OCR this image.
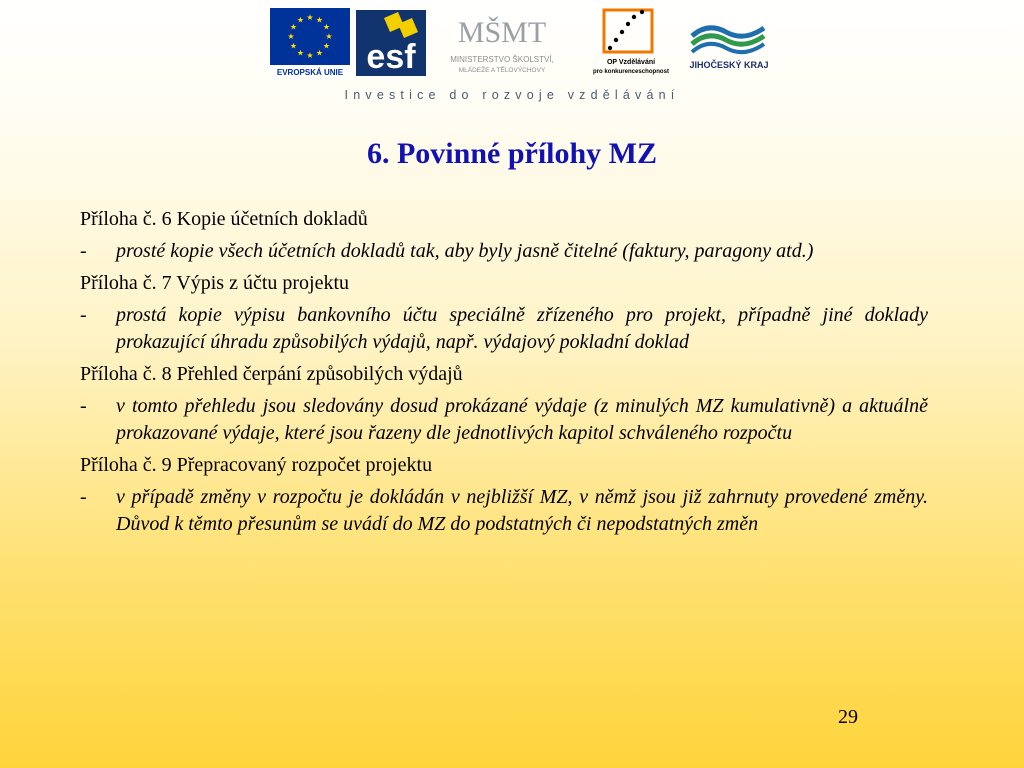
★ ★
★
★
★
★
★
★
★
★
★
★
EVROPSKÁ UNIE esf
MŠMT
MINISTERSTVO ŠKOLSTVÍ,
MLÁDEŽE A TĚLOVÝCHOVY
OP Vzdělávání
pro konkurenceschopnost
JIHOČESKÝ KRAJ
Investice do rozvoje vzdělávání
6. Povinné přílohy MZ
Příloha č. 6 Kopie účetních dokladů
-	prosté kopie všech účetních dokladů tak, aby byly jasně čitelné (faktury, paragony atd.)
Příloha č. 7 Výpis z účtu projektu
-	prostá kopie výpisu bankovního účtu speciálně zřízeného pro projekt, případně jiné doklady prokazující úhradu způsobilých výdajů, např. výdajový pokladní doklad
Příloha č. 8 Přehled čerpání způsobilých výdajů
-	v tomto přehledu jsou sledovány dosud prokázané výdaje (z minulých MZ kumulativně) a aktuálně prokazované výdaje, které jsou řazeny dle jednotlivých kapitol schváleného rozpočtu
Příloha č. 9 Přepracovaný rozpočet projektu
-	v případě změny v rozpočtu je dokládán v nejbližší MZ, v němž jsou již zahrnuty provedené změny. Důvod k těmto přesunům se uvádí do MZ do podstatných či nepodstatných změn
29
